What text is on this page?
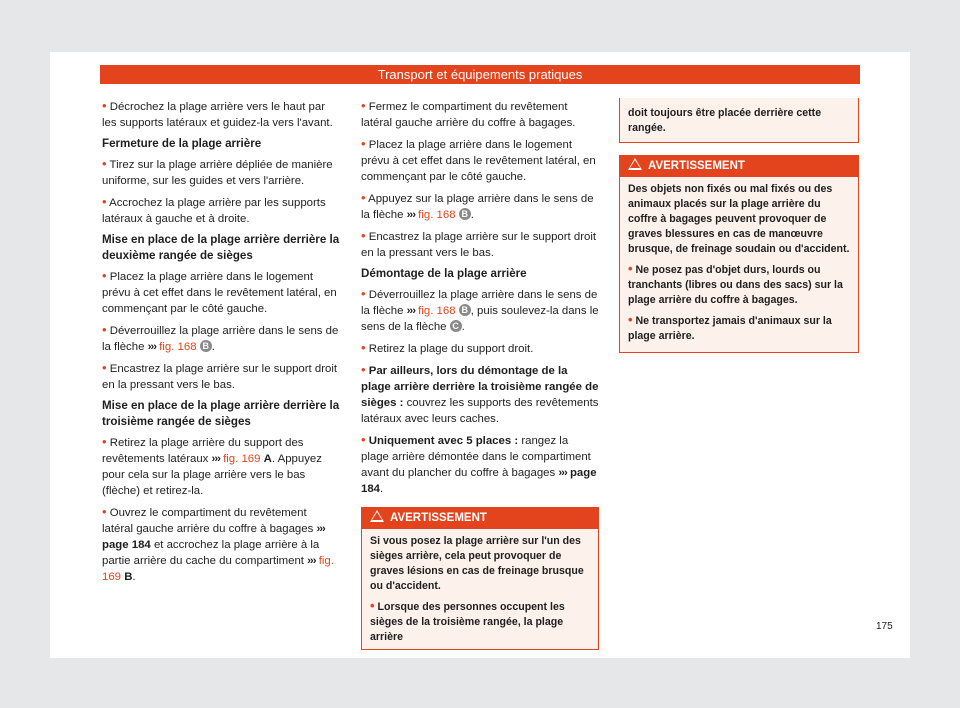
Transport et équipements pratiques

• Décrochez la plage arrière vers le haut par les supports latéraux et guidez-la vers l'avant.

Fermeture de la plage arrière

• Tirez sur la plage arrière dépliée de manière uniforme, sur les guides et vers l'arrière.

• Accrochez la plage arrière par les supports latéraux à gauche et à droite.

Mise en place de la plage arrière derrière la deuxième rangée de sièges

• Placez la plage arrière dans le logement prévu à cet effet dans le revêtement latéral, en commençant par le côté gauche.

• Déverrouillez la plage arrière dans le sens de la flèche ››› fig. 168 B .

• Encastrez la plage arrière sur le support droit en la pressant vers le bas.

Mise en place de la plage arrière derrière la troisième rangée de sièges

• Retirez la plage arrière du support des revêtements latéraux ››› fig. 169 A. Appuyez pour cela sur la plage arrière vers le bas (flèche) et retirez-la.

• Ouvrez le compartiment du revêtement latéral gauche arrière du coffre à bagages ››› page 184 et accrochez la plage arrière à la partie arrière du cache du compartiment ››› fig. 169 B.

• Fermez le compartiment du revêtement latéral gauche arrière du coffre à bagages.

• Placez la plage arrière dans le logement prévu à cet effet dans le revêtement latéral, en commençant par le côté gauche.

• Appuyez sur la plage arrière dans le sens de la flèche ››› fig. 168 B .

• Encastrez la plage arrière sur le support droit en la pressant vers le bas.

Démontage de la plage arrière

• Déverrouillez la plage arrière dans le sens de la flèche ››› fig. 168 B , puis soulevez-la dans le sens de la flèche C .

• Retirez la plage du support droit.

• Par ailleurs, lors du démontage de la plage arrière derrière la troisième rangée de sièges : couvrez les supports des revêtements latéraux avec leurs caches.

• Uniquement avec 5 places : rangez la plage arrière démontée dans le compartiment avant du plancher du coffre à bagages ››› page 184.

AVERTISSEMENT

Si vous posez la plage arrière sur l'un des sièges arrière, cela peut provoquer de graves lésions en cas de freinage brusque ou d'accident.

• Lorsque des personnes occupent les sièges de la troisième rangée, la plage arrière

doit toujours être placée derrière cette rangée.

AVERTISSEMENT

Des objets non fixés ou mal fixés ou des animaux placés sur la plage arrière du coffre à bagages peuvent provoquer de graves blessures en cas de manœuvre brusque, de freinage soudain ou d'accident.

• Ne posez pas d'objet durs, lourds ou tranchants (libres ou dans des sacs) sur la plage arrière du coffre à bagages.

• Ne transportez jamais d'animaux sur la plage arrière.

175
